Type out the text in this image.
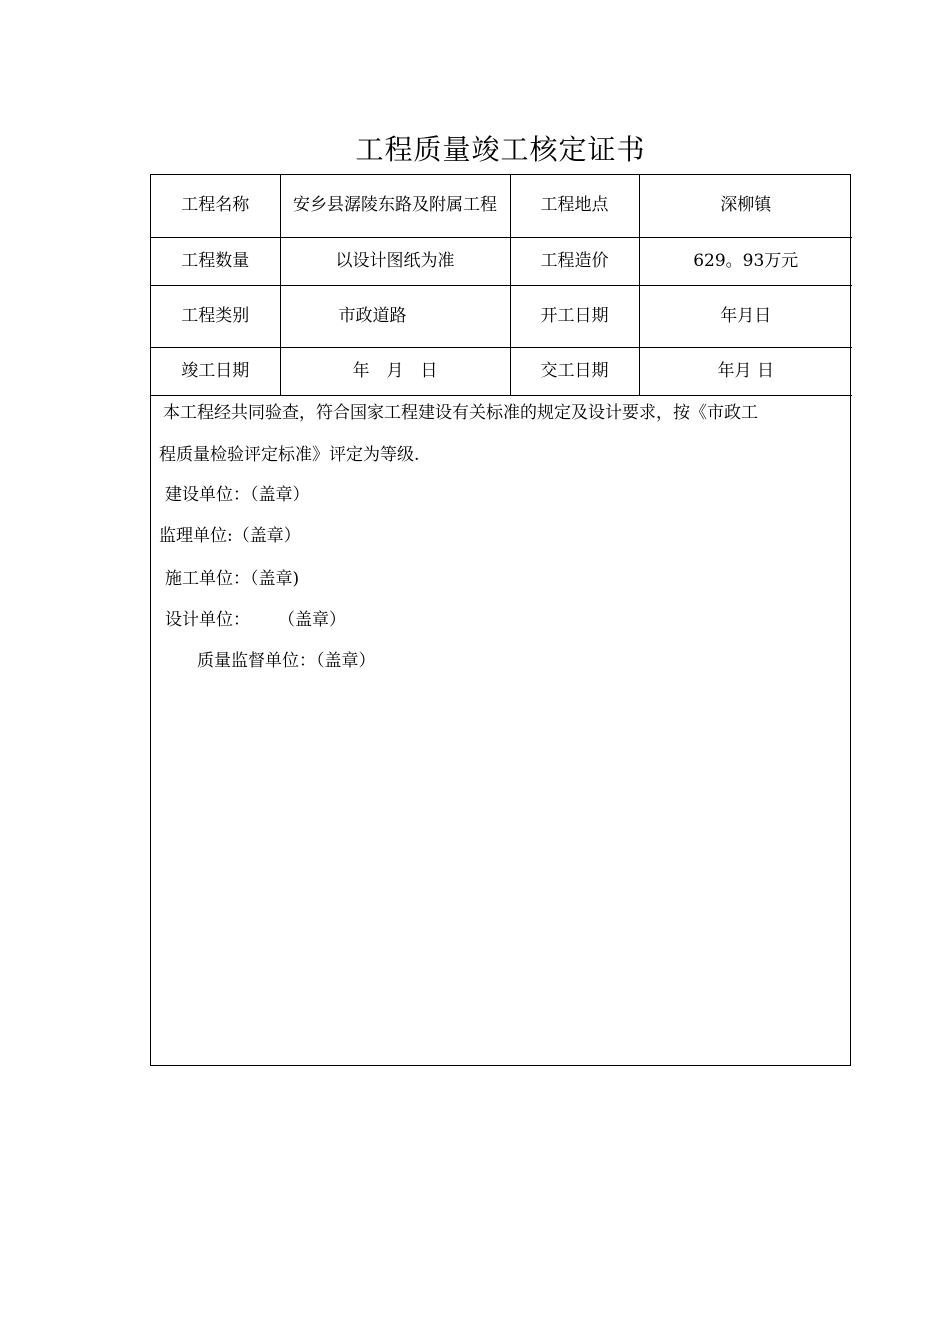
工程质量竣工核定证书
工程名称	安乡县潺陵东路及附属工程	工程地点	深柳镇
工程数量	以设计图纸为准	工程造价	629。93万元
工程类别	市政道路	开工日期	年月日
竣工日期	年　月　日	交工日期	年月 日
本工程经共同验查，符合国家工程建设有关标准的规定及设计要求，按《市政工
程质量检验评定标准》评定为等级.
建设单位：（盖章）
监理单位:（盖章）
施工单位：（盖章)
设计单位： （盖章）
质量监督单位：（盖章）
